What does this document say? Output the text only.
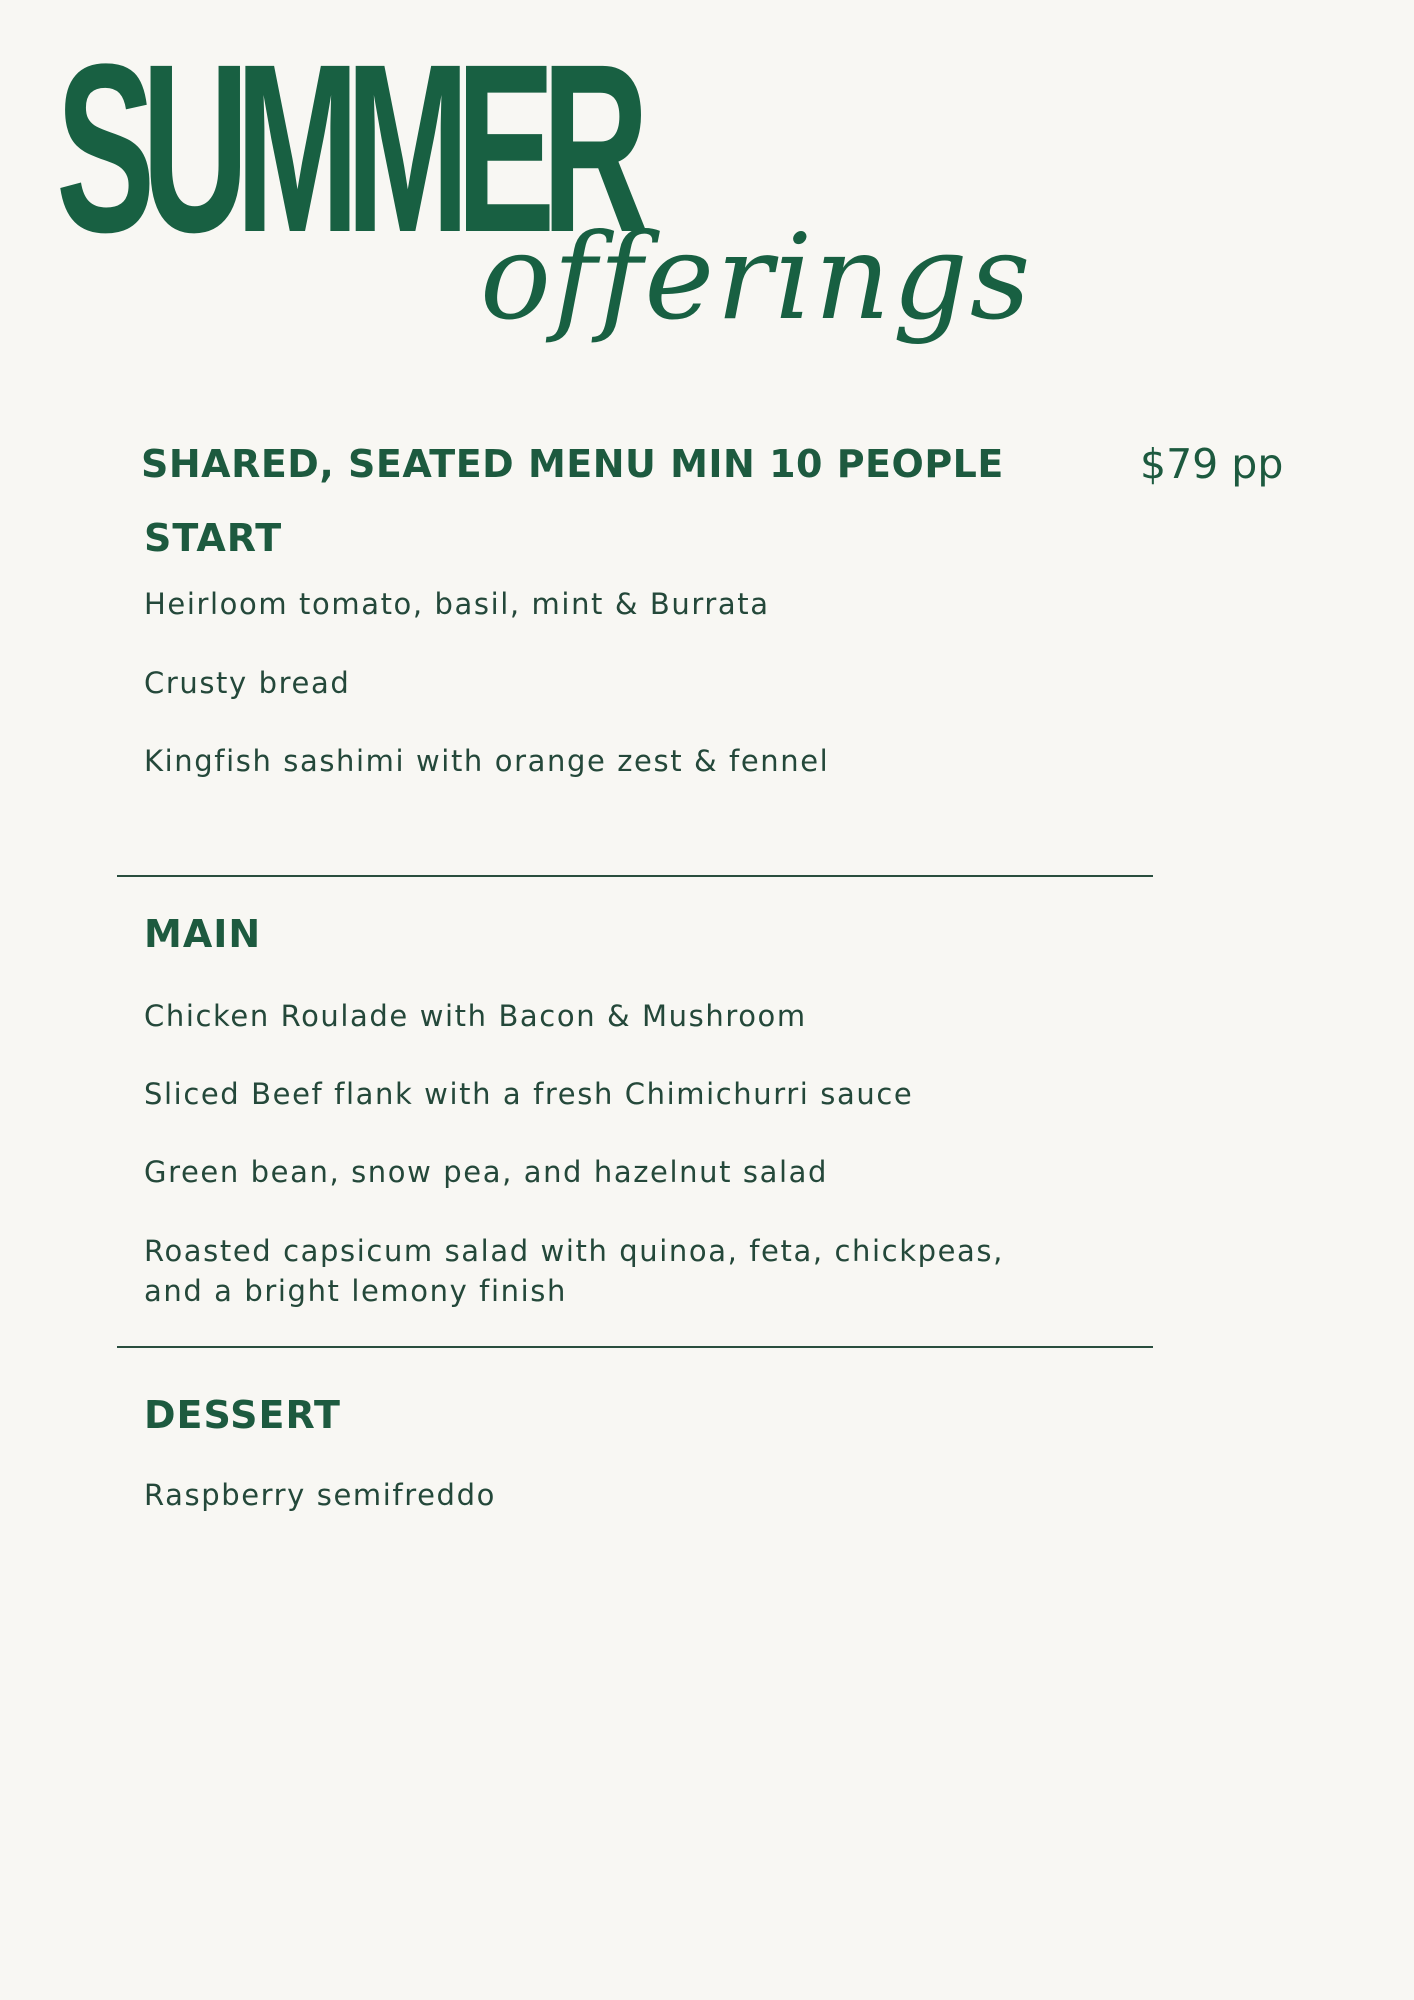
SUMMER
offerings
SHARED, SEATED MENU MIN 10 PEOPLE	$79 pp
START
Heirloom tomato, basil, mint & Burrata
Crusty bread
Kingfish sashimi with orange zest & fennel
MAIN
Chicken Roulade with Bacon & Mushroom
Sliced Beef flank with a fresh Chimichurri sauce
Green bean, snow pea, and hazelnut salad
Roasted capsicum salad with quinoa, feta, chickpeas,
and a bright lemony finish
DESSERT
Raspberry semifreddo
